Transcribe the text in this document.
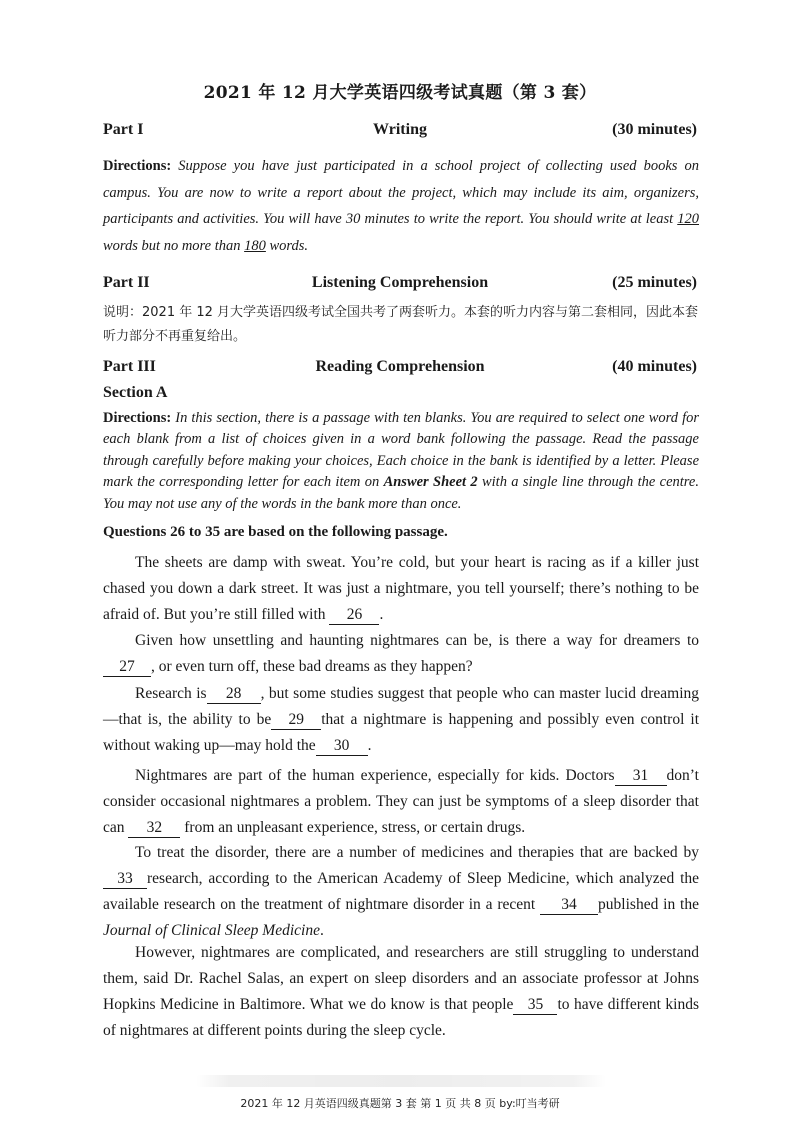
2021 年 12 月大学英语四级考试真题（第 3 套）
Part I	Writing	(30 minutes)
Directions: Suppose you have just participated in a school project of collecting used books on campus. You are now to write a report about the project, which may include its aim, organizers, participants and activities. You will have 30 minutes to write the report. You should write at least 120 words but no more than 180 words.
Part II	Listening Comprehension	(25 minutes)
说明：2021 年 12 月大学英语四级考试全国共考了两套听力。本套的听力内容与第二套相同，因此本套听力部分不再重复给出。
Part III	Reading Comprehension	(40 minutes)
Section A
Directions: In this section, there is a passage with ten blanks. You are required to select one word for each blank from a list of choices given in a word bank following the passage. Read the passage through carefully before making your choices, Each choice in the bank is identified by a letter. Please mark the corresponding letter for each item on Answer Sheet 2 with a single line through the centre. You may not use any of the words in the bank more than once.
Questions 26 to 35 are based on the following passage.
The sheets are damp with sweat. You’re cold, but your heart is racing as if a killer just chased you down a dark street. It was just a nightmare, you tell yourself; there’s nothing to be afraid of. But you’re still filled with 26 .
Given how unsettling and haunting nightmares can be, is there a way for dreamers to 27 , or even turn off, these bad dreams as they happen?
Research is 28 , but some studies suggest that people who can master lucid dreaming—that is, the ability to be 29 that a nightmare is happening and possibly even control it without waking up—may hold the 30 .
Nightmares are part of the human experience, especially for kids. Doctors 31 don’t consider occasional nightmares a problem. They can just be symptoms of a sleep disorder that can 32 from an unpleasant experience, stress, or certain drugs.
To treat the disorder, there are a number of medicines and therapies that are backed by33 research, according to the American Academy of Sleep Medicine, which analyzed the available research on the treatment of nightmare disorder in a recent 34 published in the Journal of Clinical Sleep Medicine.
However, nightmares are complicated, and researchers are still struggling to understand them, said Dr. Rachel Salas, an expert on sleep disorders and an associate professor at Johns Hopkins Medicine in Baltimore. What we do know is that people 35 to have different kinds of nightmares at different points during the sleep cycle.
2021 年 12 月英语四级真题第 3 套 第 1 页 共 8 页 by:叮当考研
